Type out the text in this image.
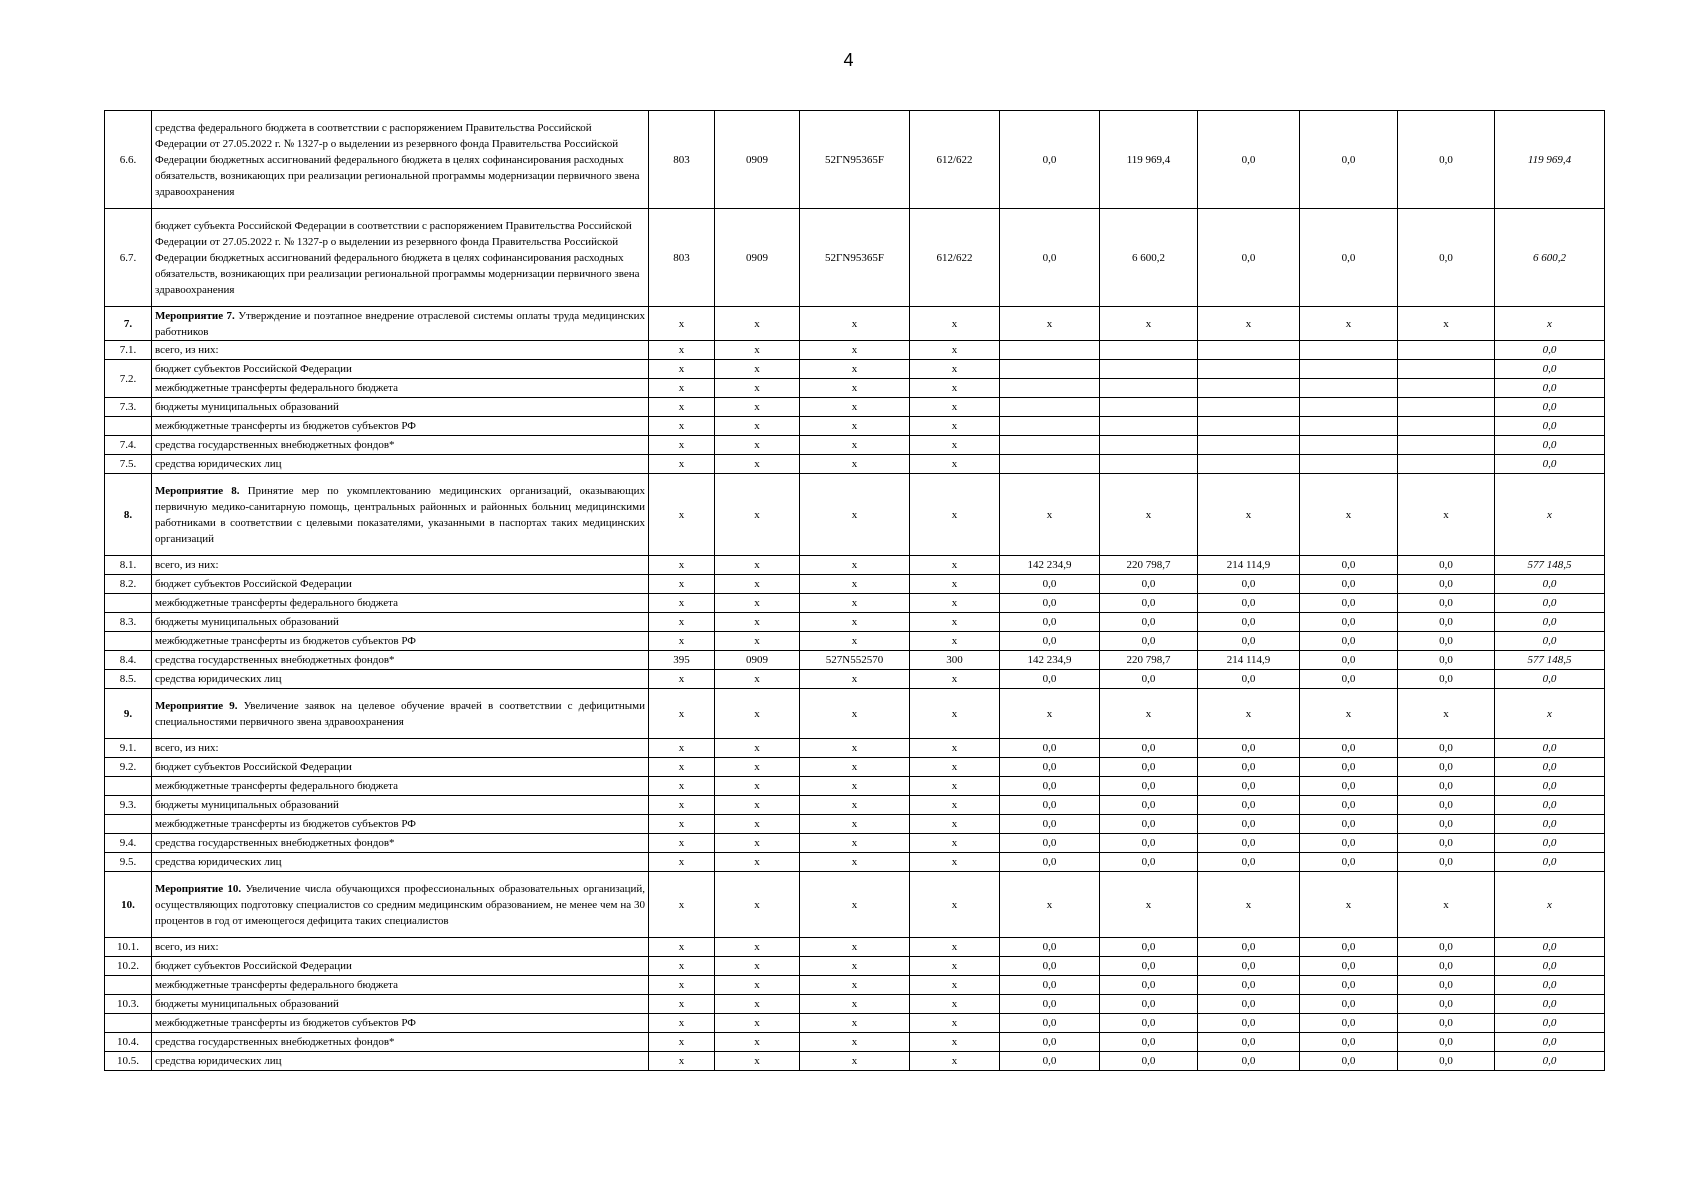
4
6.6.	средства федерального бюджета в соответствии с распоряжением Правительства Российской Федерации от 27.05.2022 г. № 1327-р о выделении из резервного фонда Правительства Российской Федерации бюджетных ассигнований федерального бюджета в целях софинансирования расходных обязательств, возникающих при реализации региональной программы модернизации первичного звена здравоохранения	803	0909	52ГN95365F	612/622	0,0	119 969,4	0,0	0,0	0,0	119 969,4
6.7.	бюджет субъекта Российской Федерации в соответствии с распоряжением Правительства Российской Федерации от 27.05.2022 г. № 1327-р о выделении из резервного фонда Правительства Российской Федерации бюджетных ассигнований федерального бюджета в целях софинансирования расходных обязательств, возникающих при реализации региональной программы модернизации первичного звена здравоохранения	803	0909	52ГN95365F	612/622	0,0	6 600,2	0,0	0,0	0,0	6 600,2
7.	Мероприятие 7. Утверждение и поэтапное внедрение отраслевой системы оплаты труда медицинских работников	x	x	x	x	x	x	x	x	x	x
7.1.	всего, из них:	x	x	x	x						0,0
7.2.	бюджет субъектов Российской Федерации	x	x	x	x						0,0
	межбюджетные трансферты федерального бюджета	x	x	x	x						0,0
7.3.	бюджеты муниципальных образований	x	x	x	x						0,0
	межбюджетные трансферты из бюджетов субъектов РФ	x	x	x	x						0,0
7.4.	средства государственных внебюджетных фондов*	x	x	x	x						0,0
7.5.	средства юридических лиц	x	x	x	x						0,0
8.	Мероприятие 8. Принятие мер по укомплектованию медицинских организаций, оказывающих первичную медико-санитарную помощь, центральных районных и районных больниц медицинскими работниками в соответствии с целевыми показателями, указанными в паспортах таких медицинских организаций	x	x	x	x	x	x	x	x	x	x
8.1.	всего, из них:	x	x	x	x	142 234,9	220 798,7	214 114,9	0,0	0,0	577 148,5
8.2.	бюджет субъектов Российской Федерации	x	x	x	x	0,0	0,0	0,0	0,0	0,0	0,0
	межбюджетные трансферты федерального бюджета	x	x	x	x	0,0	0,0	0,0	0,0	0,0	0,0
8.3.	бюджеты муниципальных образований	x	x	x	x	0,0	0,0	0,0	0,0	0,0	0,0
	межбюджетные трансферты из бюджетов субъектов РФ	x	x	x	x	0,0	0,0	0,0	0,0	0,0	0,0
8.4.	средства государственных внебюджетных фондов*	395	0909	527N552570	300	142 234,9	220 798,7	214 114,9	0,0	0,0	577 148,5
8.5.	средства юридических лиц	x	x	x	x	0,0	0,0	0,0	0,0	0,0	0,0
9.	Мероприятие 9. Увеличение заявок на целевое обучение врачей в соответствии с дефицитными специальностями первичного звена здравоохранения	x	x	x	x	x	x	x	x	x	x
9.1.	всего, из них:	x	x	x	x	0,0	0,0	0,0	0,0	0,0	0,0
9.2.	бюджет субъектов Российской Федерации	x	x	x	x	0,0	0,0	0,0	0,0	0,0	0,0
	межбюджетные трансферты федерального бюджета	x	x	x	x	0,0	0,0	0,0	0,0	0,0	0,0
9.3.	бюджеты муниципальных образований	x	x	x	x	0,0	0,0	0,0	0,0	0,0	0,0
	межбюджетные трансферты из бюджетов субъектов РФ	x	x	x	x	0,0	0,0	0,0	0,0	0,0	0,0
9.4.	средства государственных внебюджетных фондов*	x	x	x	x	0,0	0,0	0,0	0,0	0,0	0,0
9.5.	средства юридических лиц	x	x	x	x	0,0	0,0	0,0	0,0	0,0	0,0
10.	Мероприятие 10. Увеличение числа обучающихся профессиональных образовательных организаций, осуществляющих подготовку специалистов со средним медицинским образованием, не менее чем на 30 процентов в год от имеющегося дефицита таких специалистов	x	x	x	x	x	x	x	x	x	x
10.1.	всего, из них:	x	x	x	x	0,0	0,0	0,0	0,0	0,0	0,0
10.2.	бюджет субъектов Российской Федерации	x	x	x	x	0,0	0,0	0,0	0,0	0,0	0,0
	межбюджетные трансферты федерального бюджета	x	x	x	x	0,0	0,0	0,0	0,0	0,0	0,0
10.3.	бюджеты муниципальных образований	x	x	x	x	0,0	0,0	0,0	0,0	0,0	0,0
	межбюджетные трансферты из бюджетов субъектов РФ	x	x	x	x	0,0	0,0	0,0	0,0	0,0	0,0
10.4.	средства государственных внебюджетных фондов*	x	x	x	x	0,0	0,0	0,0	0,0	0,0	0,0
10.5.	средства юридических лиц	x	x	x	x	0,0	0,0	0,0	0,0	0,0	0,0
